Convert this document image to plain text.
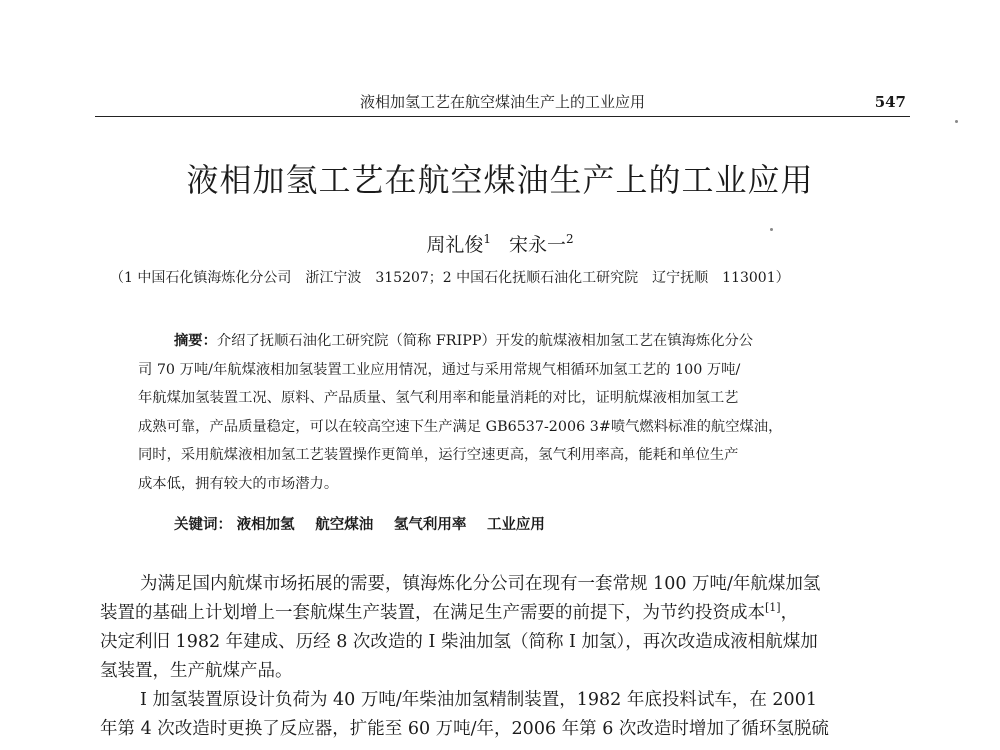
液相加氢工艺在航空煤油生产上的工业应用	547
液相加氢工艺在航空煤油生产上的工业应用
周礼俊$^1$ 宋永一$^2$
（1 中国石化镇海炼化分公司　浙江宁波　315207；2 中国石化抚顺石油化工研究院　辽宁抚顺　113001）
摘要：介绍了抚顺石油化工研究院（简称 FRIPP）开发的航煤液相加氢工艺在镇海炼化分公
司 70 万吨/年航煤液相加氢装置工业应用情况，通过与采用常规气相循环加氢工艺的 100 万吨/
年航煤加氢装置工况、原料、产品质量、氢气利用率和能量消耗的对比，证明航煤液相加氢工艺
成熟可靠，产品质量稳定，可以在较高空速下生产满足 GB6537-2006 3#喷气燃料标准的航空煤油，
同时，采用航煤液相加氢工艺装置操作更简单，运行空速更高，氢气利用率高，能耗和单位生产
成本低，拥有较大的市场潜力。
关键词： 液相加氢 航空煤油 氢气利用率 工业应用
为满足国内航煤市场拓展的需要，镇海炼化分公司在现有一套常规 100 万吨/年航煤加氢
装置的基础上计划增上一套航煤生产装置，在满足生产需要的前提下，为节约投资成本[1]，
决定利旧 1982 年建成、历经 8 次改造的 I 柴油加氢（简称 I 加氢），再次改造成液相航煤加
氢装置，生产航煤产品。
I 加氢装置原设计负荷为 40 万吨/年柴油加氢精制装置，1982 年底投料试车，在 2001
年第 4 次改造时更换了反应器，扩能至 60 万吨/年，2006 年第 6 次改造时增加了循环氢脱硫
